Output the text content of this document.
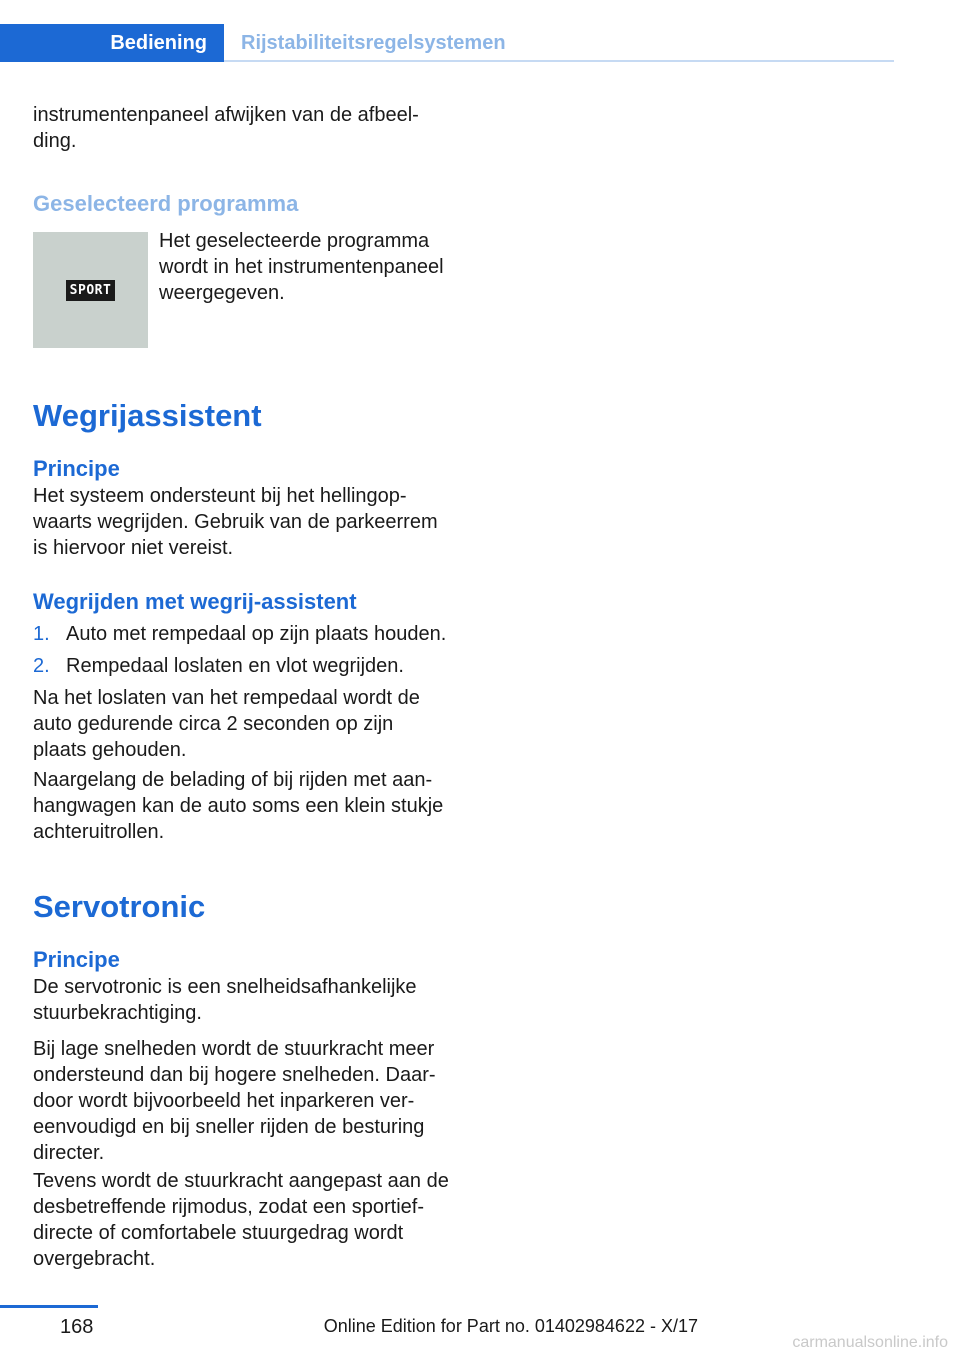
Bediening Rijstabiliteitsregelsystemen

instrumentenpaneel afwijken van de afbeel-

ding.

Geselecteerd programma

SPORT

Het geselecteerde programma

wordt in het instrumentenpaneel

weergegeven.

Wegrijassistent

Principe

Het systeem ondersteunt bij het hellingop-

waarts wegrijden. Gebruik van de parkeerrem

is hiervoor niet vereist.

Wegrijden met wegrij-assistent

1. Auto met rempedaal op zijn plaats houden.
2. Rempedaal loslaten en vlot wegrijden.

Na het loslaten van het rempedaal wordt de

auto gedurende circa 2 seconden op zijn

plaats gehouden.

Naargelang de belading of bij rijden met aan-

hangwagen kan de auto soms een klein stukje

achteruitrollen.

Servotronic

Principe

De servotronic is een snelheidsafhankelijke

stuurbekrachtiging.

Bij lage snelheden wordt de stuurkracht meer

ondersteund dan bij hogere snelheden. Daar-

door wordt bijvoorbeeld het inparkeren ver-

eenvoudigd en bij sneller rijden de besturing

directer.

Tevens wordt de stuurkracht aangepast aan de

desbetreffende rijmodus, zodat een sportief-

directe of comfortabele stuurgedrag wordt

overgebracht.

168	Online Edition for Part no. 01402984622 - X/17
carmanualsonline.info
